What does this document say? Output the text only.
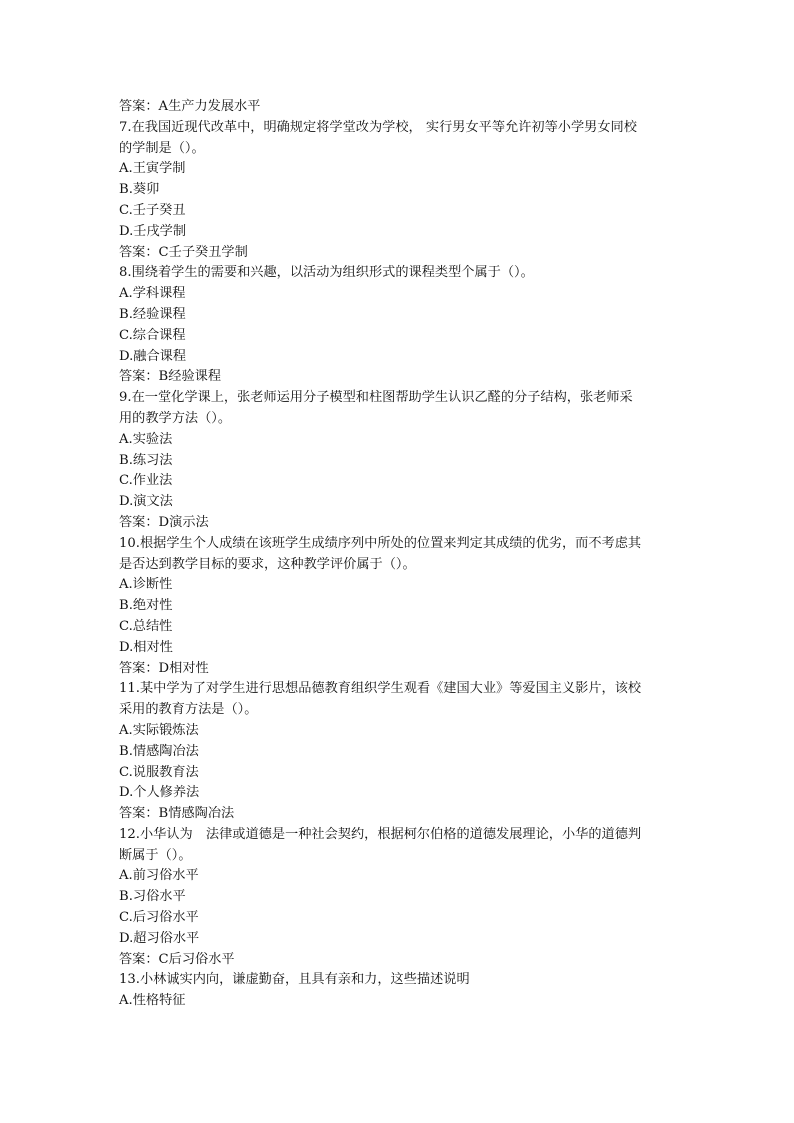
答案：A生产力发展水平

7.在我国近现代改革中，明确规定将学堂改为学校， 实行男女平等允许初等小学男女同校

的学制是（）。

A.王寅学制

B.葵卯

C.壬子癸丑

D.壬戌学制

答案：C壬子癸丑学制

8.围绕着学生的需要和兴趣，以活动为组织形式的课程类型个属于（）。

A.学科课程

B.经验课程

C.综合课程

D.融合课程

答案：B经验课程

9.在一堂化学课上，张老师运用分子模型和柱图帮助学生认识乙醛的分子结构，张老师采

用的教学方法（）。

A.实验法

B.练习法

C.作业法

D.演文法

答案：D演示法

10.根据学生个人成绩在该班学生成绩序列中所处的位置来判定其成绩的优劣，而不考虑其

是否达到教学目标的要求，这种教学评价属于（）。

A.诊断性

B.绝对性

C.总结性

D.相对性

答案：D相对性

11.某中学为了对学生进行思想品德教育组织学生观看《建国大业》等爱国主义影片，该校

采用的教育方法是（）。

A.实际锻炼法

B.情感陶冶法

C.说服教育法

D.个人修养法

答案：B情感陶冶法

12.小华认为　法律或道德是一种社会契约，根据柯尔伯格的道德发展理论，小华的道德判

断属于（）。

A.前习俗水平

B.习俗水平

C.后习俗水平

D.超习俗水平

答案：C后习俗水平

13.小林诚实内向，谦虚勤奋，且具有亲和力，这些描述说明

A.性格特征
